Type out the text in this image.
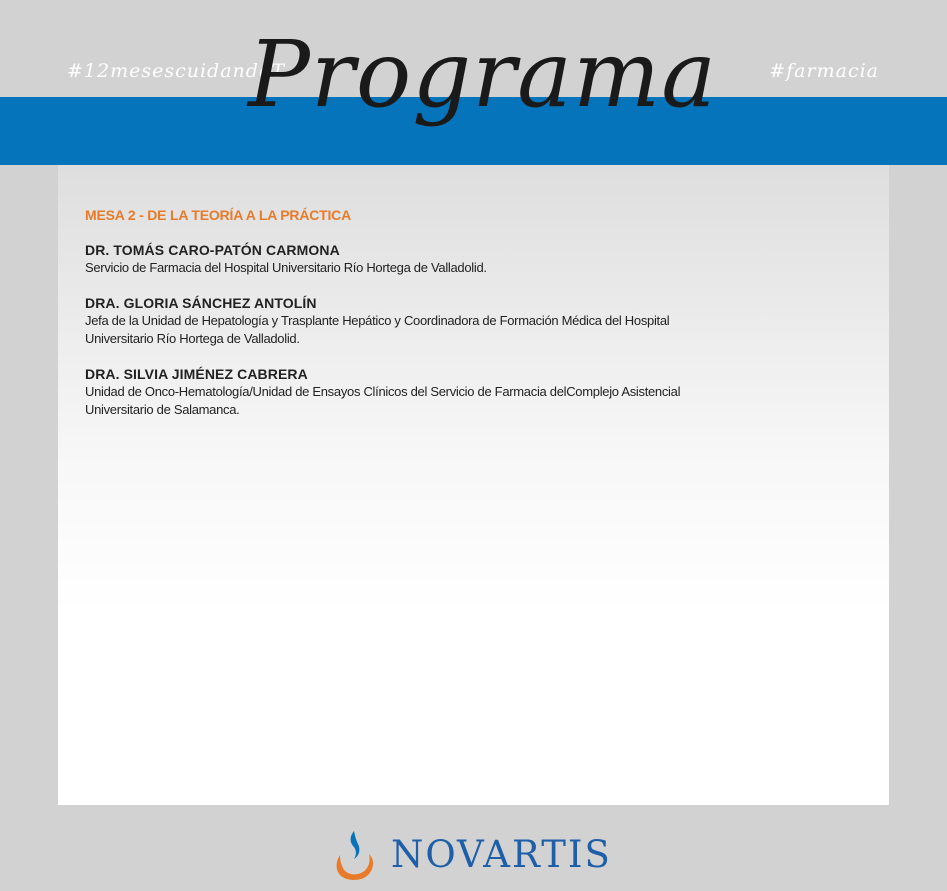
#12mesescuidandoT	#farmacia
Programa

MESA 2 - DE LA TEORÍA A LA PRÁCTICA

DR. TOMÁS CARO-PATÓN CARMONA
Servicio de Farmacia del Hospital Universitario Río Hortega de Valladolid.
DRA. GLORIA SÁNCHEZ ANTOLÍN
Jefa de la Unidad de Hepatología y Trasplante Hepático y Coordinadora de Formación Médica del Hospital Universitario Río Hortega de Valladolid.
DRA. SILVIA JIMÉNEZ CABRERA
Unidad de Onco-Hematología/Unidad de Ensayos Clínicos del Servicio de Farmacia delComplejo Asistencial Universitario de Salamanca.
NOVARTIS
